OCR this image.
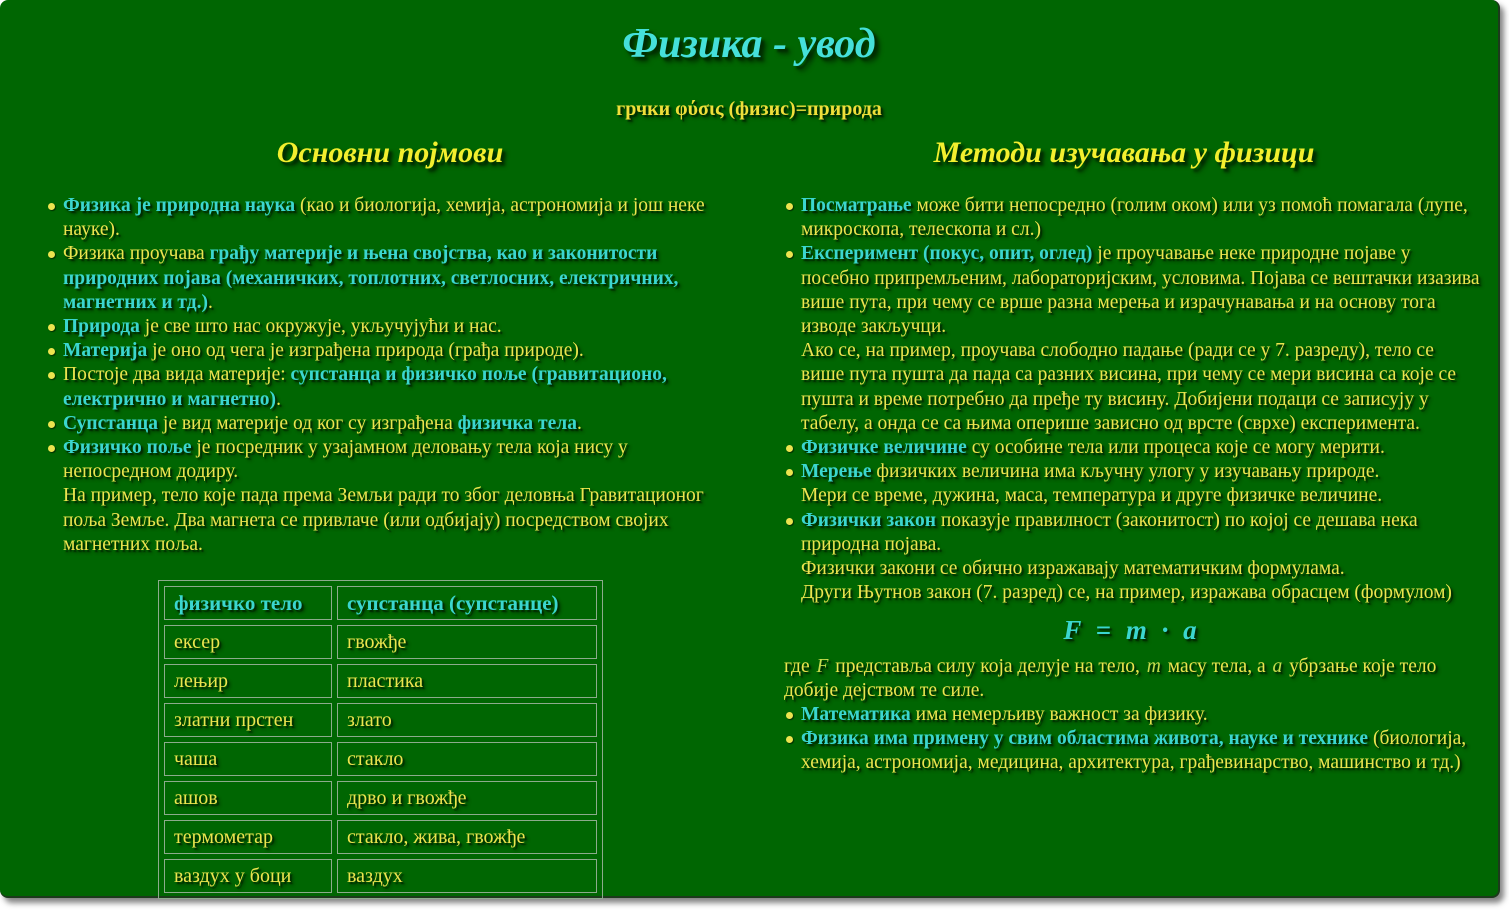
Физика - увод
грчки φύσις (физис)=природа
Основни појмови	Методи изучавања у физици
Физика је природна наука (као и биологија, хемија, астрономија и још неке науке).
Физика проучава грађу материје и њена својства, као и законитости природних појава (механичких, топлотних, светлосних, електричних, магнетних и тд.).
Природа је све што нас окружује, укључујући и нас.
Материја је оно од чега је изграђена природа (грађа природе).
Постоје два вида материје: супстанца и физичко поље (гравитационо, електрично и магнетно).
Супстанца је вид материје од ког су изграђена физичка тела.
Физичко поље је посредник у узајамном деловању тела која нису у непосредном додиру.
На пример, тело које пада према Земљи ради то због деловња Гравитационог поља Земље. Два магнета се привлаче (или одбијају) посредством својих магнетних поља.
физичко тело	супстанца (супстанце)
ексер	гвожђе
лењир	пластика
златни прстен	злато
чаша	стакло
ашов	дрво и гвожђе
термометар	стакло, жива, гвожђе
ваздух у боци	ваздух
Посматрање може бити непосредно (голим оком) или уз помоћ помагала (лупе, микроскопа, телескопа и сл.)
Експеримент (покус, опит, оглед) је проучавање неке природне појаве у посебно припремљеним, лабораторијским, условима. Појава се вештачки изазива више пута, при чему се врше разна мерења и израчунавања и на основу тога изводе закључци.
Ако се, на пример, проучава слободно падање (ради се у 7. разреду), тело се више пута пушта да пада са разних висина, при чему се мери висина са које се пушта и време потребно да пређе ту висину. Добијени подаци се записују у табелу, а онда се са њима оперише зависно од врсте (сврхе) експеримента.
Физичке величине су особине тела или процеса које се могу мерити.
Мерење физичких величина има кључну улогу у изучавању природе.
Мери се време, дужина, маса, температура и друге физичке величине.
Физички закон показује правилност (законитост) по којој се дешава нека природна појава.
Физички закони се обично изражавају математичким формулама.
Други Њутнов закон (7. разред) се, на пример, изражава обрасцем (формулом)
F = m · a
где F представља силу која делује на тело, m масу тела, а a убрзање које тело добије дејством те силе.
Математика има немерљиву важност за физику.
Физика има примену у свим областима живота, науке и технике (биологија, хемија, астрономија, медицина, архитектура, грађевинарство, машинство и тд.)
